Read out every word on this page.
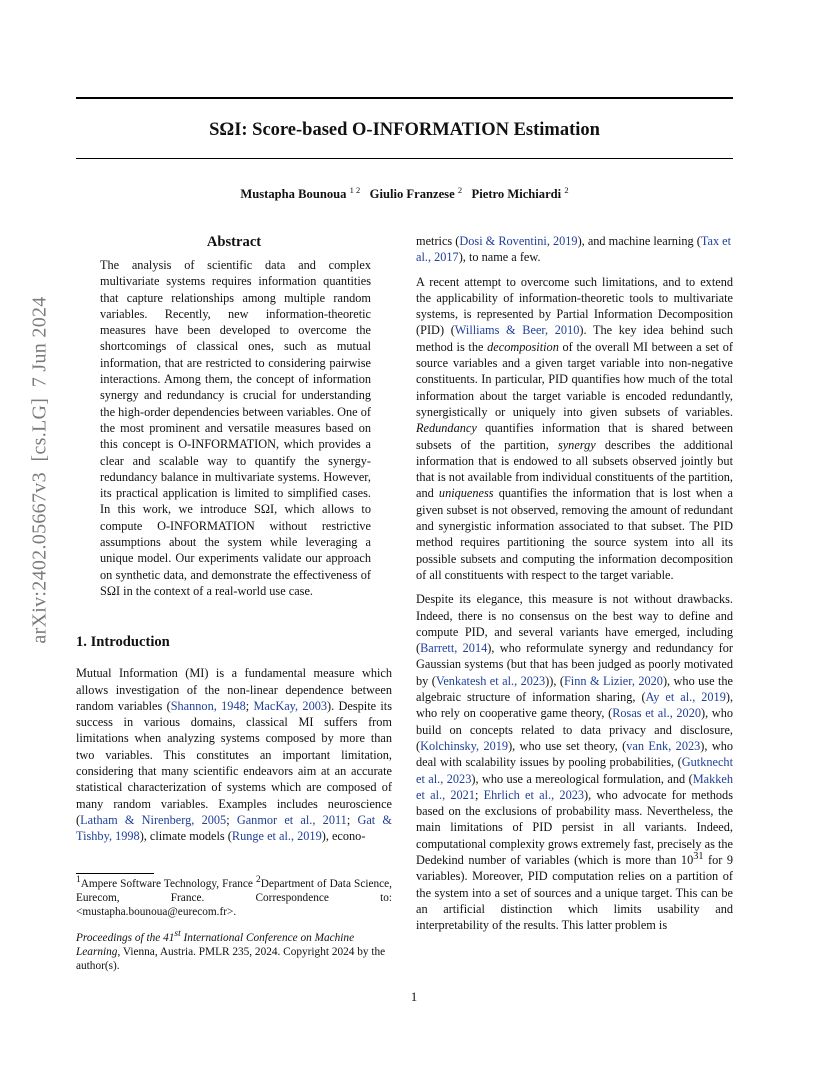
SΩI: Score-based O-INFORMATION Estimation
Mustapha Bounoua $^{1 2}$ Giulio Franzese $^2$ Pietro Michiardi $^2$
arXiv:2402.05667v3  [cs.LG]  7 Jun 2024
Abstract

The analysis of scientific data and complex multivariate systems requires information quantities that capture relationships among multiple random variables. Recently, new information-theoretic measures have been developed to overcome the shortcomings of classical ones, such as mutual information, that are restricted to considering pairwise interactions. Among them, the concept of information synergy and redundancy is crucial for understanding the high-order dependencies between variables. One of the most prominent and versatile measures based on this concept is O-INFORMATION, which provides a clear and scalable way to quantify the synergy-redundancy balance in multivariate systems. However, its practical application is limited to simplified cases. In this work, we introduce SΩI, which allows to compute O-INFORMATION without restrictive assumptions about the system while leveraging a unique model. Our experiments validate our approach on synthetic data, and demonstrate the effectiveness of SΩI in the context of a real-world use case.

1. Introduction

Mutual Information (MI) is a fundamental measure which allows investigation of the non-linear dependence between random variables (Shannon, 1948; MacKay, 2003). Despite its success in various domains, classical MI suffers from limitations when analyzing systems composed by more than two variables. This constitutes an important limitation, considering that many scientific endeavors aim at an accurate statistical characterization of systems which are composed of many random variables. Examples includes neuroscience (Latham & Nirenberg, 2005; Ganmor et al., 2011; Gat & Tishby, 1998), climate models (Runge et al., 2019), econo-

$^1$Ampere Software Technology, France $^2$Department of Data Science, Eurecom, France. Correspondence to: <mustapha.bounoua@eurecom.fr>.
Proceedings of the 41st International Conference on Machine Learning, Vienna, Austria. PMLR 235, 2024. Copyright 2024 by the author(s).

metrics (Dosi & Roventini, 2019), and machine learning (Tax et al., 2017), to name a few.

A recent attempt to overcome such limitations, and to extend the applicability of information-theoretic tools to multivariate systems, is represented by Partial Information Decomposition (PID) (Williams & Beer, 2010). The key idea behind such method is the decomposition of the overall MI between a set of source variables and a given target variable into non-negative constituents. In particular, PID quantifies how much of the total information about the target variable is encoded redundantly, synergistically or uniquely into given subsets of variables. Redundancy quantifies information that is shared between subsets of the partition, synergy describes the additional information that is endowed to all subsets observed jointly but that is not available from individual constituents of the partition, and uniqueness quantifies the information that is lost when a given subset is not observed, removing the amount of redundant and synergistic information associated to that subset. The PID method requires partitioning the source system into all its possible subsets and computing the information decomposition of all constituents with respect to the target variable.

Despite its elegance, this measure is not without drawbacks. Indeed, there is no consensus on the best way to define and compute PID, and several variants have emerged, including (Barrett, 2014), who reformulate synergy and redundancy for Gaussian systems (but that has been judged as poorly motivated by (Venkatesh et al., 2023)), (Finn & Lizier, 2020), who use the algebraic structure of information sharing, (Ay et al., 2019), who rely on cooperative game theory, (Rosas et al., 2020), who build on concepts related to data privacy and disclosure, (Kolchinsky, 2019), who use set theory, (van Enk, 2023), who deal with scalability issues by pooling probabilities, (Gutknecht et al., 2023), who use a mereological formulation, and (Makkeh et al., 2021; Ehrlich et al., 2023), who advocate for methods based on the exclusions of probability mass. Nevertheless, the main limitations of PID persist in all variants. Indeed, computational complexity grows extremely fast, precisely as the Dedekind number of variables (which is more than $10^{31}$ for 9 variables). Moreover, PID computation relies on a partition of the system into a set of sources and a unique target. This can be an artificial distinction which limits usability and interpretability of the results. This latter problem is

1
